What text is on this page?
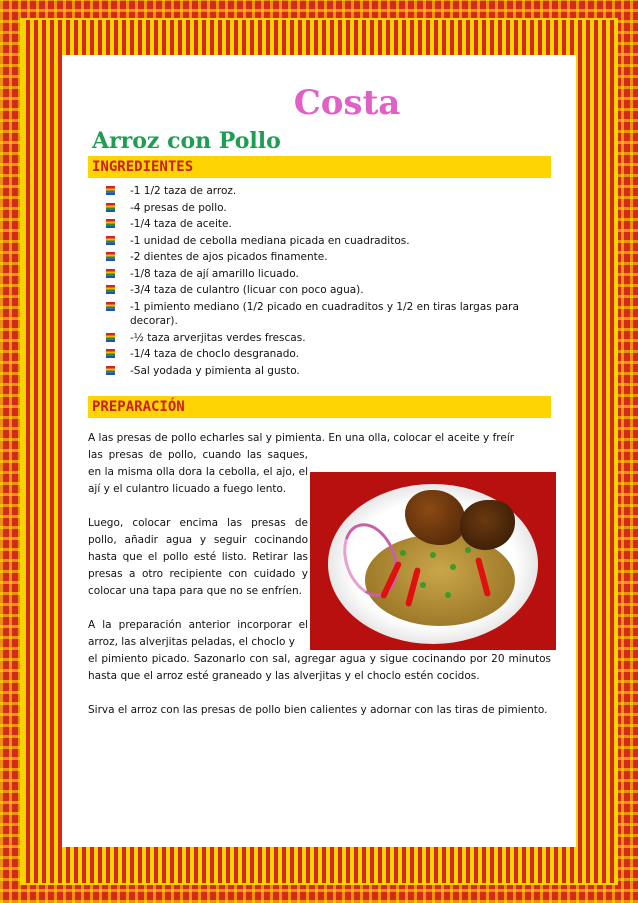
Costa
Arroz con Pollo
INGREDIENTES
-1 1/2 taza de arroz.
-4 presas de pollo.
-1/4 taza de aceite.
-1 unidad de cebolla mediana picada en cuadraditos.
-2 dientes de ajos picados finamente.
-1/8 taza de ají amarillo licuado.
-3/4 taza de culantro (licuar con poco agua).
-1 pimiento mediano (1/2 picado en cuadraditos y 1/2 en tiras largas para decorar).
-½ taza arverjitas verdes frescas.
-1/4 taza de choclo desgranado.
-Sal yodada y pimienta al gusto.
PREPARACIÓN

A las presas de pollo echarles sal y pimienta. En una olla, colocar el aceite y freír

las presas de pollo, cuando las saques, en la misma olla dora la cebolla, el ajo, el ají y el culantro licuado a fuego lento.

Luego, colocar encima las presas de pollo, añadir agua y seguir cocinando hasta que el pollo esté listo. Retirar las presas a otro recipiente con cuidado y colocar una tapa para que no se enfríen.

A la preparación anterior incorporar el arroz, las alverjitas peladas, el choclo y

el pimiento picado. Sazonarlo con sal, agregar agua y sigue cocinando por 20 minutos hasta que el arroz esté graneado y las alverjitas y el choclo estén cocidos.

Sirva el arroz con las presas de pollo bien calientes y adornar con las tiras de pimiento.
